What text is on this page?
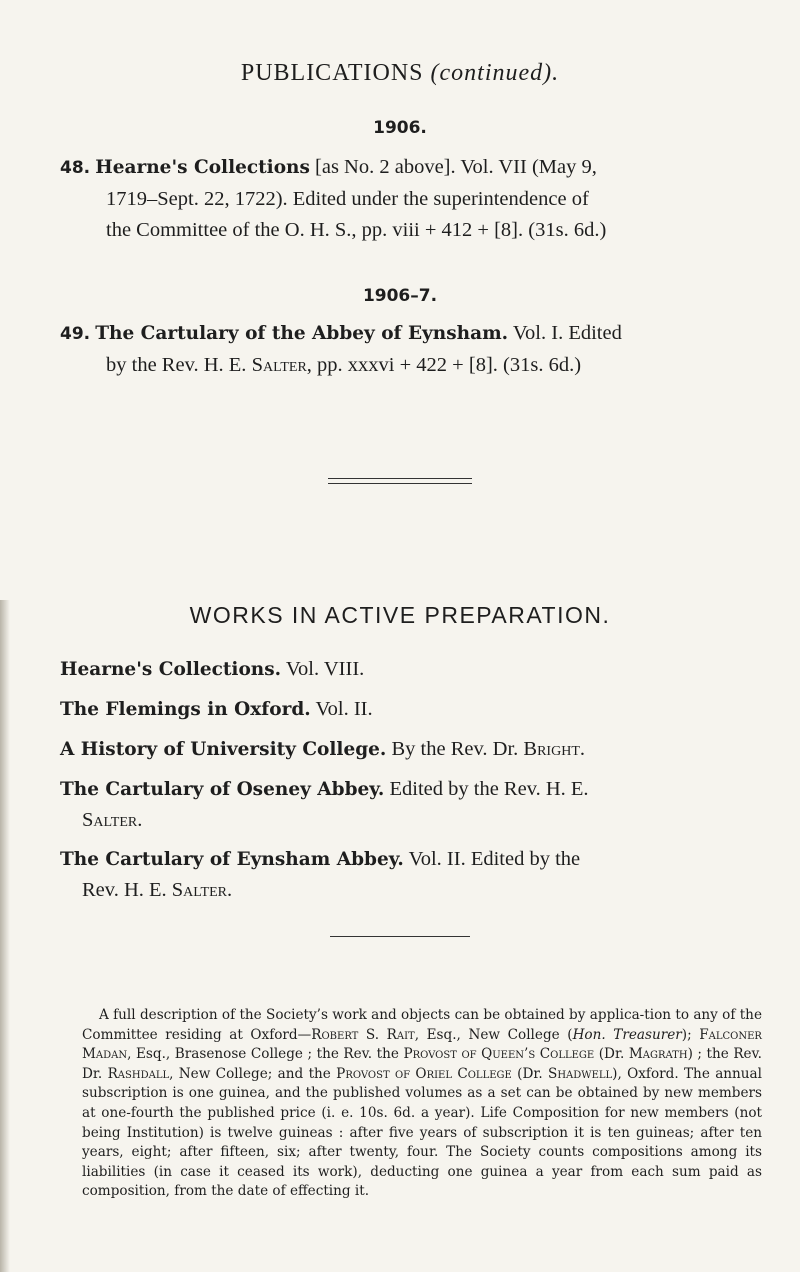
PUBLICATIONS (continued).
1906.
48. Hearne's Collections [as No. 2 above]. Vol. VII (May 9,
1719–Sept. 22, 1722). Edited under the superintendence of
the Committee of the O. H. S., pp. viii + 412 + [8]. (31s. 6d.)
1906–7.
49. The Cartulary of the Abbey of Eynsham. Vol. I. Edited
by the Rev. H. E. Salter, pp. xxxvi + 422 + [8]. (31s. 6d.)
WORKS IN ACTIVE PREPARATION.
Hearne's Collections. Vol. VIII.
The Flemings in Oxford. Vol. II.
A History of University College. By the Rev. Dr. Bright.
The Cartulary of Oseney Abbey. Edited by the Rev. H. E.
Salter.
The Cartulary of Eynsham Abbey. Vol. II. Edited by the
Rev. H. E. Salter.
A full description of the Society’s work and objects can be obtained by applica-tion to any of the Committee residing at Oxford—Robert S. Rait, Esq., New College (Hon. Treasurer); Falconer Madan, Esq., Brasenose College ; the Rev. the Provost of Queen’s College (Dr. Magrath) ; the Rev. Dr. Rashdall, New College; and the Provost of Oriel College (Dr. Shadwell), Oxford. The annual subscription is one guinea, and the published volumes as a set can be obtained by new members at one-fourth the published price (i. e. 10s. 6d. a year). Life Composition for new members (not being Institution) is twelve guineas : after five years of subscription it is ten guineas; after ten years, eight; after fifteen, six; after twenty, four. The Society counts compositions among its liabilities (in case it ceased its work), deducting one guinea a year from each sum paid as composition, from the date of effecting it.
